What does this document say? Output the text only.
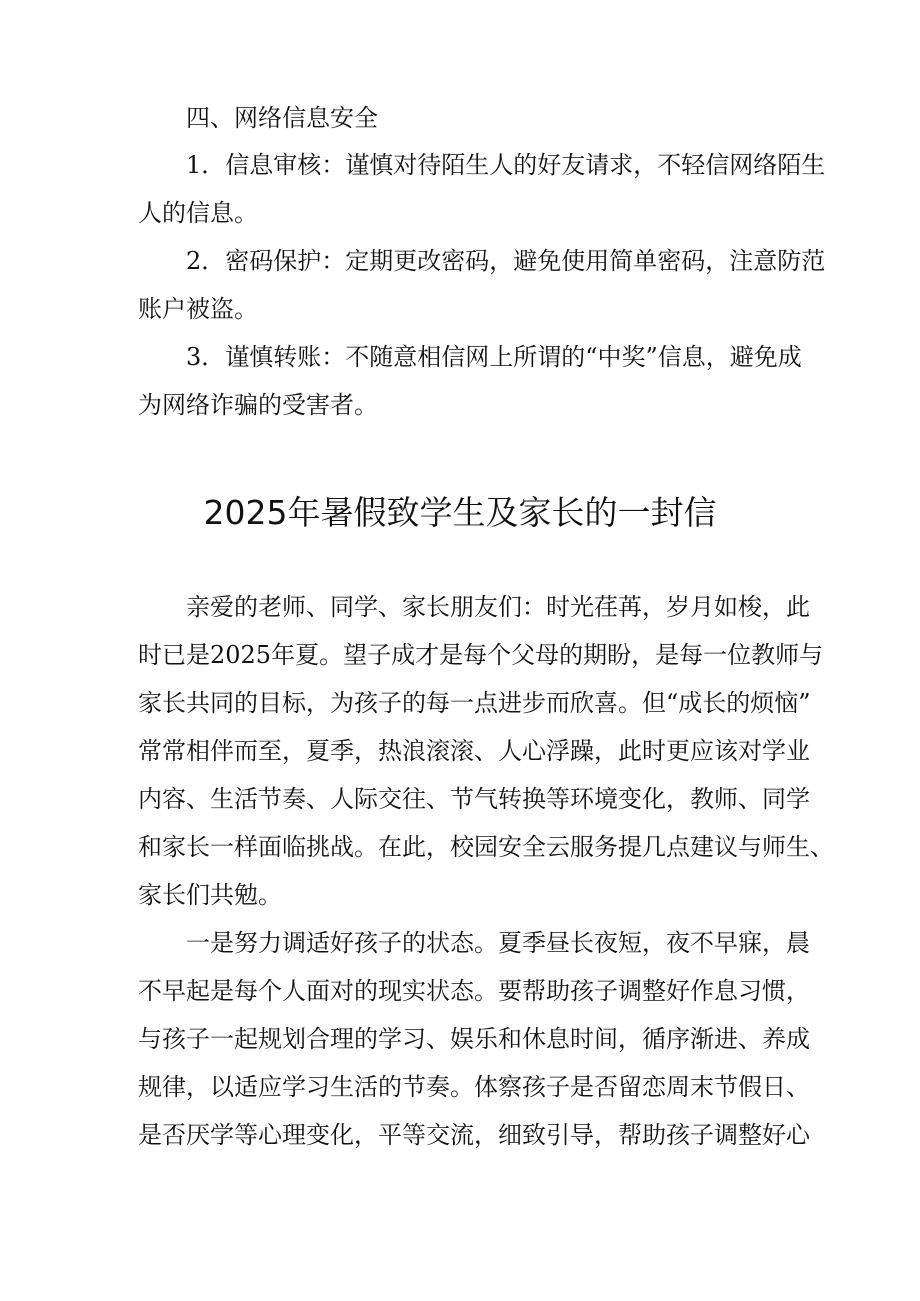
四、网络信息安全
1．信息审核：谨慎对待陌生人的好友请求，不轻信网络陌生
人的信息。
2．密码保护：定期更改密码，避免使用简单密码，注意防范
账户被盗。
3．谨慎转账：不随意相信网上所谓的“中奖”信息，避免成
为网络诈骗的受害者。
2025年暑假致学生及家长的一封信
亲爱的老师、同学、家长朋友们：时光荏苒，岁月如梭，此
时已是2025年夏。望子成才是每个父母的期盼，是每一位教师与
家长共同的目标，为孩子的每一点进步而欣喜。但“成长的烦恼”
常常相伴而至，夏季，热浪滚滚、人心浮躁，此时更应该对学业
内容、生活节奏、人际交往、节气转换等环境变化，教师、同学
和家长一样面临挑战。在此，校园安全云服务提几点建议与师生、
家长们共勉。
一是努力调适好孩子的状态。夏季昼长夜短，夜不早寐，晨
不早起是每个人面对的现实状态。要帮助孩子调整好作息习惯，
与孩子一起规划合理的学习、娱乐和休息时间，循序渐进、养成
规律，以适应学习生活的节奏。体察孩子是否留恋周末节假日、
是否厌学等心理变化，平等交流，细致引导，帮助孩子调整好心
